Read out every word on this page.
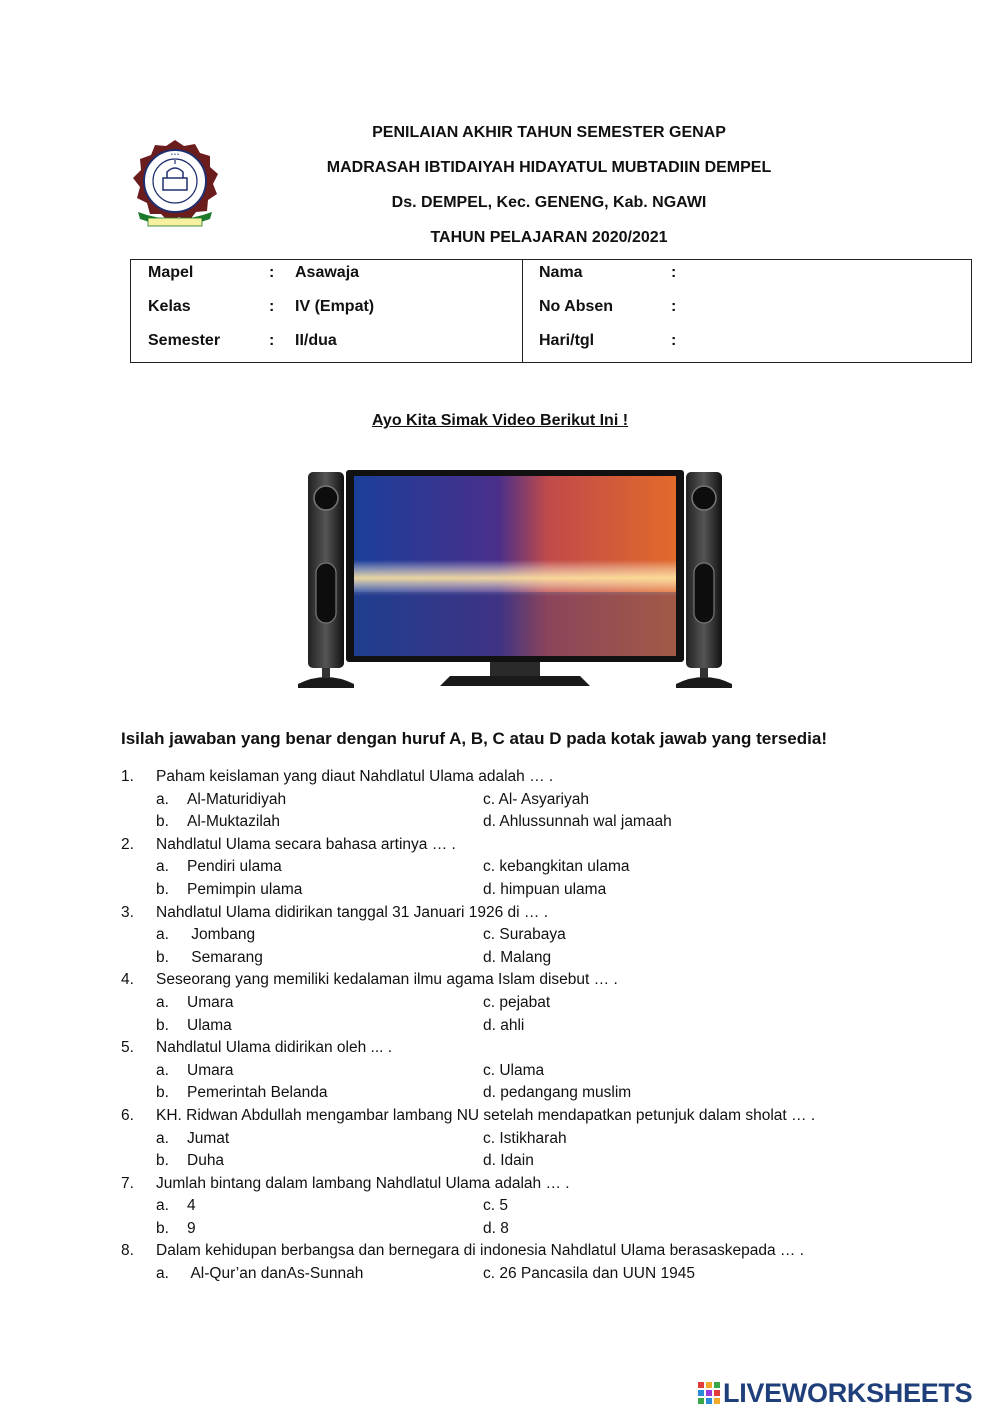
• • •
PENILAIAN AKHIR TAHUN SEMESTER GENAP
MADRASAH IBTIDAIYAH HIDAYATUL MUBTADIIN DEMPEL
Ds. DEMPEL, Kec. GENENG, Kab. NGAWI
TAHUN PELAJARAN 2020/2021
Mapel	: Asawaja
Kelas	: IV (Empat)
Semester	: II/dua
Nama	:
No Absen	:
Hari/tgl	:
Ayo Kita Simak Video Berikut Ini !
Isilah jawaban yang benar dengan huruf A, B, C atau D pada kotak jawab yang tersedia!
1. Paham keislaman yang diaut Nahdlatul Ulama adalah … .
a. Al-Maturidiyah	c. Al- Asyariyah
b. Al-Muktazilah	d. Ahlussunnah wal jamaah
2. Nahdlatul Ulama secara bahasa artinya … .
a. Pendiri ulama	c. kebangkitan ulama
b. Pemimpin ulama	d. himpuan ulama
3. Nahdlatul Ulama didirikan tanggal 31 Januari 1926 di … .
a. Jombang	c. Surabaya
b. Semarang	d. Malang
4. Seseorang yang memiliki kedalaman ilmu agama Islam disebut … .
a. Umara	c. pejabat
b. Ulama	d. ahli
5. Nahdlatul Ulama didirikan oleh ... .
a. Umara	c. Ulama
b. Pemerintah Belanda	d. pedangang muslim
6. KH. Ridwan Abdullah mengambar lambang NU setelah mendapatkan petunjuk dalam sholat … .
a. Jumat	c. Istikharah
b. Duha	d. Idain
7. Jumlah bintang dalam lambang Nahdlatul Ulama adalah … .
a. 4	c. 5
b. 9	d. 8
8. Dalam kehidupan berbangsa dan bernegara di indonesia Nahdlatul Ulama berasaskepada … .
a. Al-Qur’an danAs-Sunnah	c. 26 Pancasila dan UUN 1945
LIVEWORKSHEETS
